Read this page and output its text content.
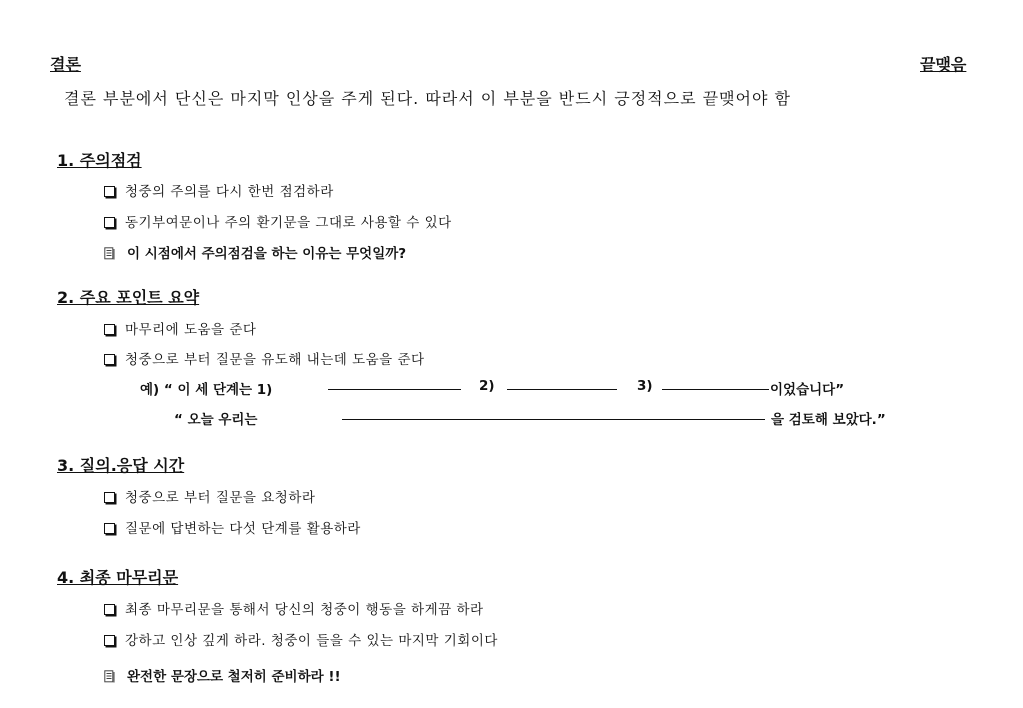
결론	끝맺음
결론 부분에서 단신은 마지막 인상을 주게 된다. 따라서 이 부분을 반드시 긍정적으로 끝맺어야 함
1. 주의점검
청중의 주의를 다시 한번 점검하라
동기부여문이나 주의 환기문을 그대로 사용할 수 있다
이 시점에서 주의점검을 하는 이유는 무엇일까?
2. 주요 포인트 요약
마무리에 도움을 준다
청중으로 부터 질문을 유도해 내는데 도움을 준다
예) “ 이 세 단계는 1)	2)	3)	이었습니다”
“ 오늘 우리는	을 검토해 보았다.”
3. 질의.응답 시간
청중으로 부터 질문을 요청하라
질문에 답변하는 다섯 단계를 활용하라
4. 최종 마무리문
최종 마무리문을 통해서 당신의 청중이 행동을 하게끔 하라
강하고 인상 깊게 하라. 청중이 들을 수 있는 마지막 기회이다
완전한 문장으로 철저히 준비하라 !!
